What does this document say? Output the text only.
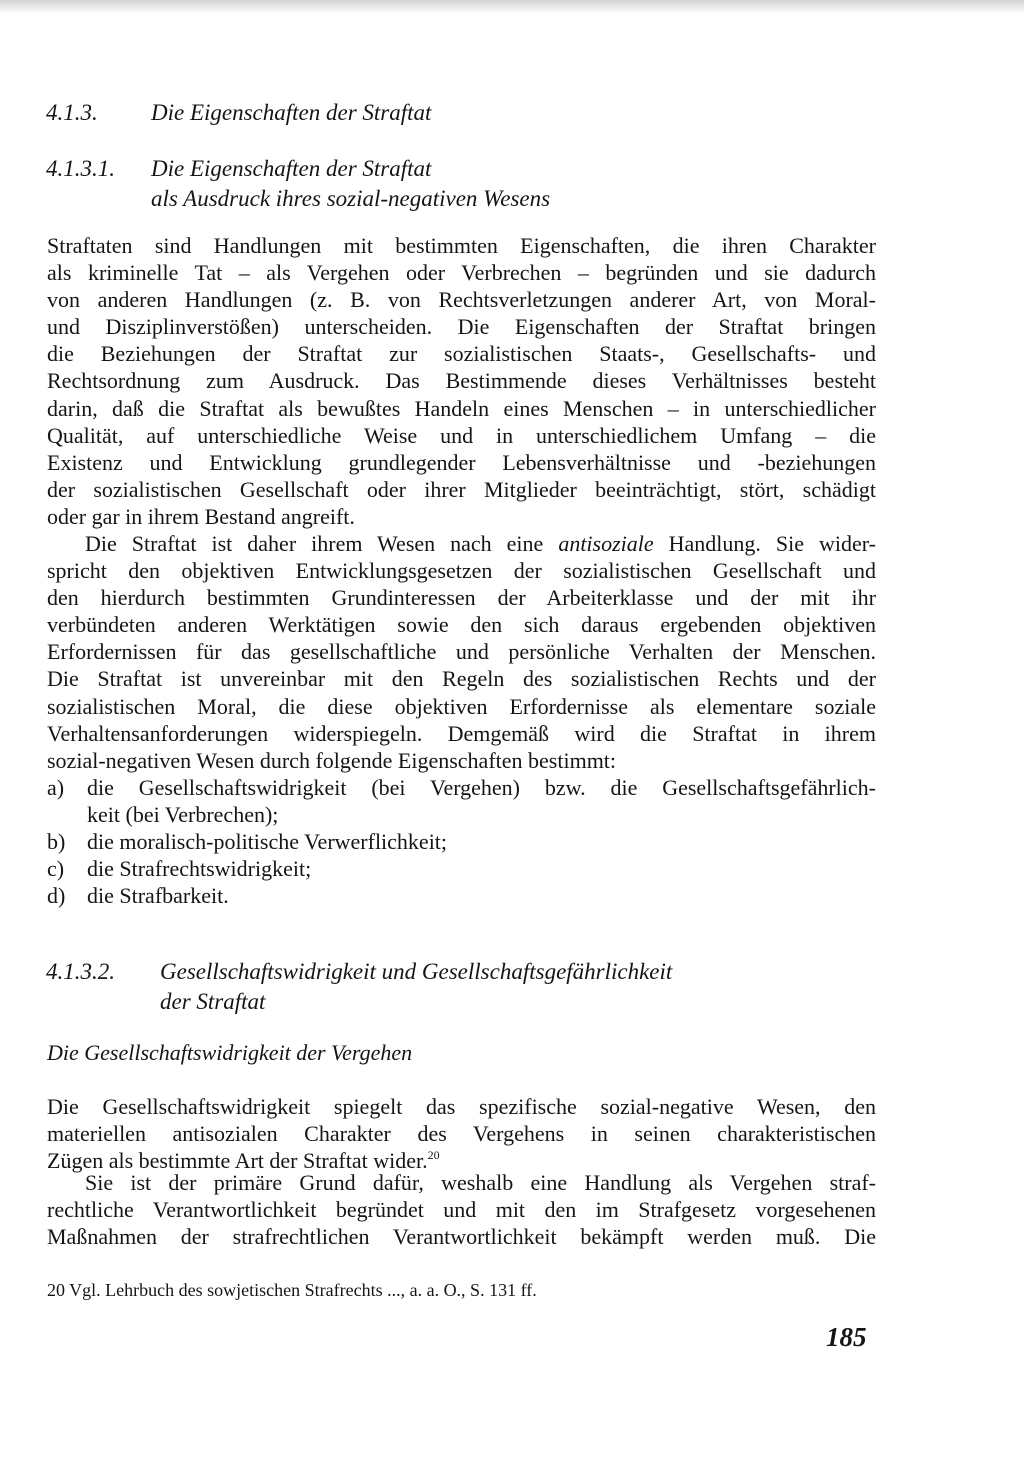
4.1.3. Die Eigenschaften der Straftat
4.1.3.1. Die Eigenschaften der Straftat
als Ausdruck ihres sozial-negativen Wesens
Straftaten sind Handlungen mit bestimmten Eigenschaften, die ihren Charakter
als kriminelle Tat – als Vergehen oder Verbrechen – begründen und sie dadurch
von anderen Handlungen (z. B. von Rechtsverletzungen anderer Art, von Moral-
und Disziplinverstößen) unterscheiden. Die Eigenschaften der Straftat bringen
die Beziehungen der Straftat zur sozialistischen Staats-, Gesellschafts- und
Rechtsordnung zum Ausdruck. Das Bestimmende dieses Verhältnisses besteht
darin, daß die Straftat als bewußtes Handeln eines Menschen – in unterschiedlicher
Qualität, auf unterschiedliche Weise und in unterschiedlichem Umfang – die
Existenz und Entwicklung grundlegender Lebensverhältnisse und -beziehungen
der sozialistischen Gesellschaft oder ihrer Mitglieder beeinträchtigt, stört, schädigt
oder gar in ihrem Bestand angreift.
Die Straftat ist daher ihrem Wesen nach eine antisoziale Handlung. Sie wider-
spricht den objektiven Entwicklungsgesetzen der sozialistischen Gesellschaft und
den hierdurch bestimmten Grundinteressen der Arbeiterklasse und der mit ihr
verbündeten anderen Werktätigen sowie den sich daraus ergebenden objektiven
Erfordernissen für das gesellschaftliche und persönliche Verhalten der Menschen.
Die Straftat ist unvereinbar mit den Regeln des sozialistischen Rechts und der
sozialistischen Moral, die diese objektiven Erfordernisse als elementare soziale
Verhaltensanforderungen widerspiegeln. Demgemäß wird die Straftat in ihrem
sozial-negativen Wesen durch folgende Eigenschaften bestimmt:
a) die Gesellschaftswidrigkeit (bei Vergehen) bzw. die Gesellschaftsgefährlich-
keit (bei Verbrechen);
b) die moralisch-politische Verwerflichkeit;
c) die Strafrechtswidrigkeit;
d) die Strafbarkeit.
4.1.3.2. Gesellschaftswidrigkeit und Gesellschaftsgefährlichkeit
der Straftat
Die Gesellschaftswidrigkeit der Vergehen
Die Gesellschaftswidrigkeit spiegelt das spezifische sozial-negative Wesen, den
materiellen antisozialen Charakter des Vergehens in seinen charakteristischen
Zügen als bestimmte Art der Straftat wider.$^{20}$
Sie ist der primäre Grund dafür, weshalb eine Handlung als Vergehen straf-
rechtliche Verantwortlichkeit begründet und mit den im Strafgesetz vorgesehenen
Maßnahmen der strafrechtlichen Verantwortlichkeit bekämpft werden muß. Die
20 Vgl. Lehrbuch des sowjetischen Strafrechts ..., a. a. O., S. 131 ff.
185
